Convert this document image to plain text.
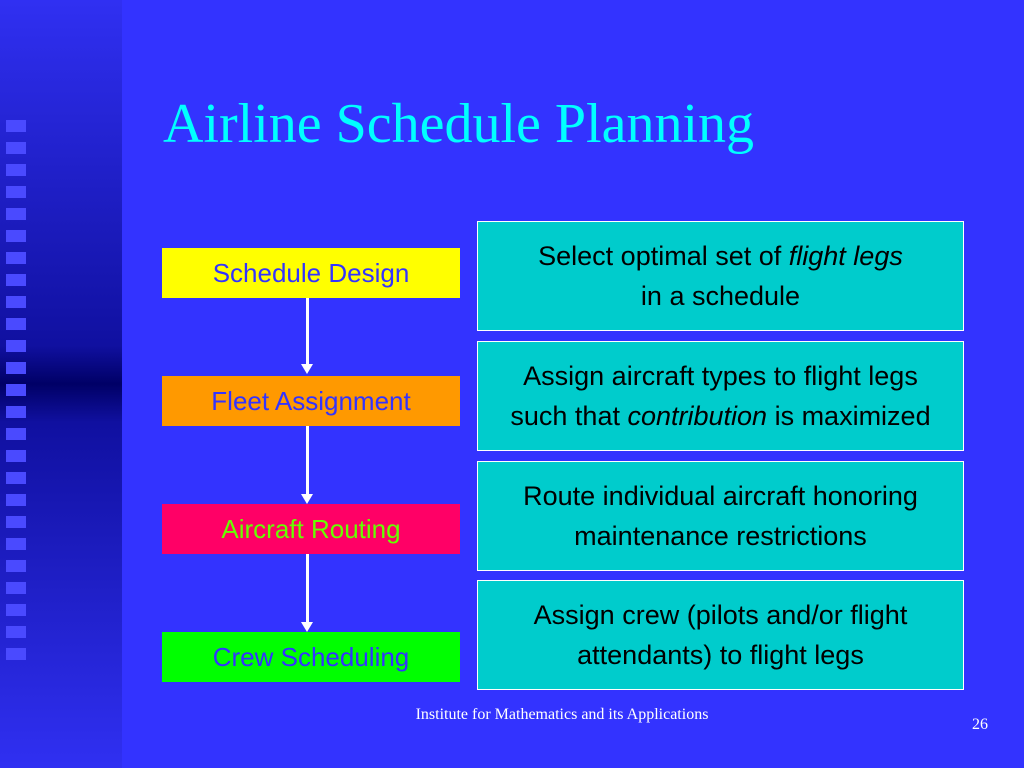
Airline Schedule Planning
Schedule Design
Fleet Assignment
Aircraft Routing
Crew Scheduling
Select optimal set of flight legs
in a schedule
Assign aircraft types to flight legs
such that contribution is maximized
Route individual aircraft honoring
maintenance restrictions
Assign crew (pilots and/or flight
attendants) to flight legs
Institute for Mathematics and its Applications
26
